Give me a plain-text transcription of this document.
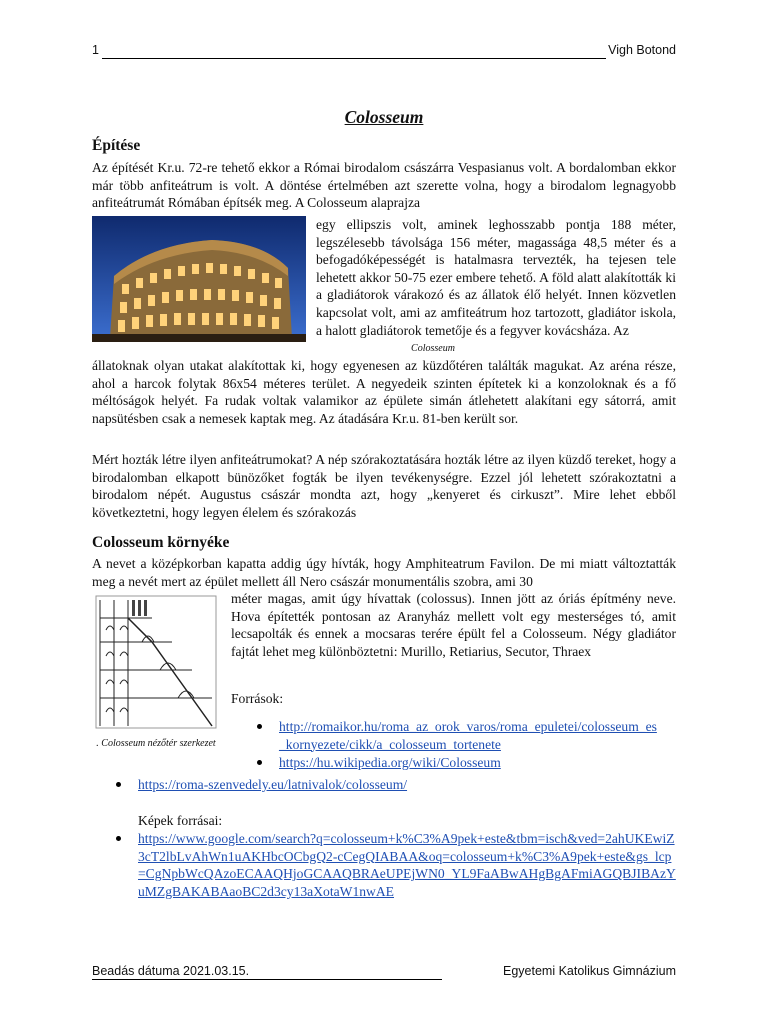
1	Vigh Botond
Colosseum
Építése
Az építését Kr.u. 72-re tehető ekkor a Római birodalom császárra Vespasianus volt. A bordalomban ekkor már több anfiteátrum is volt. A döntése értelmében azt szerette volna, hogy a birodalom legnagyobb anfiteátrumát Rómában építsék meg. A Colosseum alaprajza
egy ellipszis volt, aminek leghosszabb pontja 188 méter, legszélesebb távolsága 156 méter, magassága 48,5 méter és a befogadóképességét is hatalmasra tervezték, ha tejesen tele lehetett akkor 50-75 ezer embere tehető. A föld alatt alakították ki a gladiátorok várakozó és az állatok élő helyét. Innen közvetlen kapcsolat volt, ami az amfiteátrum hoz tartozott, gladiátor iskola, a halott gladiátorok temetője és a fegyver kovácsháza. Az
Colosseum
állatoknak olyan utakat alakítottak ki, hogy egyenesen az küzdőtéren találták magukat. Az aréna része, ahol a harcok folytak 86x54 méteres terület. A negyedeik szinten építetek ki a konzoloknak és a fő méltóságok helyét. Fa rudak voltak valamikor az épülete simán átlehetett alakítani egy sátorrá, amit napsütésben csak a nemesek kaptak meg. Az átadására Kr.u. 81-ben került sor.
Mért hozták létre ilyen anfiteátrumokat? A nép szórakoztatására hozták létre az ilyen küzdő tereket, hogy a birodalomban elkapott bünözőket fogták be ilyen tevékenységre. Ezzel jól lehetett szórakoztatni a birodalom népét. Augustus császár mondta azt, hogy „kenyeret és cirkuszt”. Mire lehet ebből következtetni, hogy legyen élelem és szórakozás
Colosseum környéke
A nevet a középkorban kapatta addig úgy hívták, hogy Amphiteatrum Favilon. De mi miatt változtatták meg a nevét mert az épület mellett áll Nero császár monumentális szobra, ami 30
méter magas, amit úgy hívattak (colossus). Innen jött az óriás építmény neve. Hova építették pontosan az Aranyház mellett volt egy mesterséges tó, amit lecsapolták és ennek a mocsaras terére épült fel a Colosseum. Négy gladiátor fajtát lehet meg különböztetni: Murillo, Retiarius, Secutor, Thraex
Források:
. Colosseum nézőtér szerkezet
http://romaikor.hu/roma_az_orok_varos/roma_epuletei/colosseum_es_kornyezete/cikk/a_colosseum_tortenete
https://hu.wikipedia.org/wiki/Colosseum
https://roma-szenvedely.eu/latnivalok/colosseum/
Képek forrásai:
https://www.google.com/search?q=colosseum+k%C3%A9pek+este&tbm=isch&ved=2ahUKEwiZ3cT2lbLvAhWn1uAKHbcOCbgQ2-cCegQIABAA&oq=colosseum+k%C3%A9pek+este&gs_lcp=CgNpbWcQAzoECAAQHjoGCAAQBRAeUPEjWN0_YL9FaABwAHgBgAFmiAGQBJIBAzYuMZgBAKABAaoBC2d3cy13aXotaW1nwAE
Beadás dátuma 2021.03.15.	Egyetemi Katolikus Gimnázium
